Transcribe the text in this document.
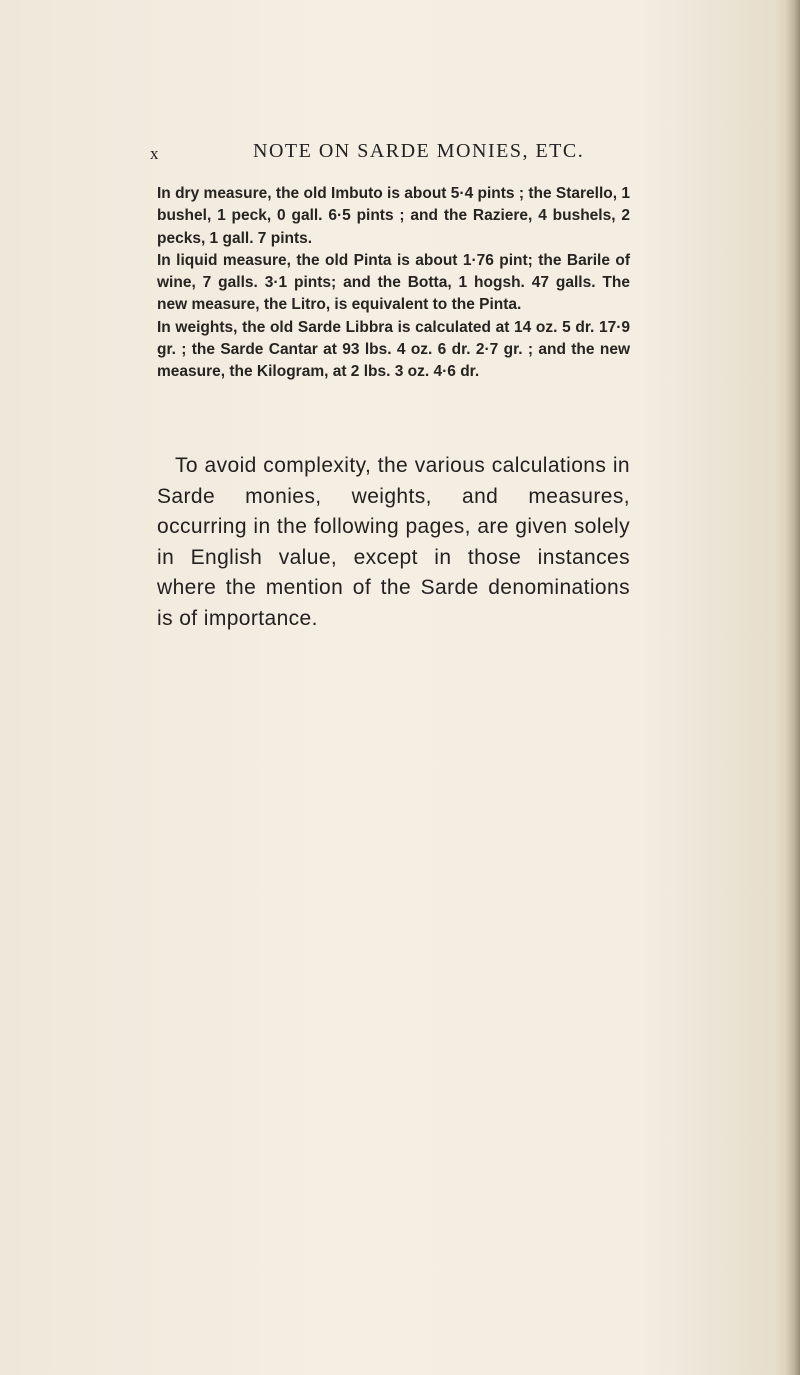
x	NOTE ON SARDE MONIES, ETC.

In dry measure, the old Imbuto is about 5·4 pints ; the Starello, 1 bushel, 1 peck, 0 gall. 6·5 pints ; and the Raziere, 4 bushels, 2 pecks, 1 gall. 7 pints.

In liquid measure, the old Pinta is about 1·76 pint; the Barile of wine, 7 galls. 3·1 pints; and the Botta, 1 hogsh. 47 galls. The new measure, the Litro, is equivalent to the Pinta.

In weights, the old Sarde Libbra is calculated at 14 oz. 5 dr. 17·9 gr. ; the Sarde Cantar at 93 lbs. 4 oz. 6 dr. 2·7 gr. ; and the new measure, the Kilogram, at 2 lbs. 3 oz. 4·6 dr.

To avoid complexity, the various calculations in Sarde monies, weights, and measures, occurring in the following pages, are given solely in English value, except in those instances where the mention of the Sarde denominations is of importance.
